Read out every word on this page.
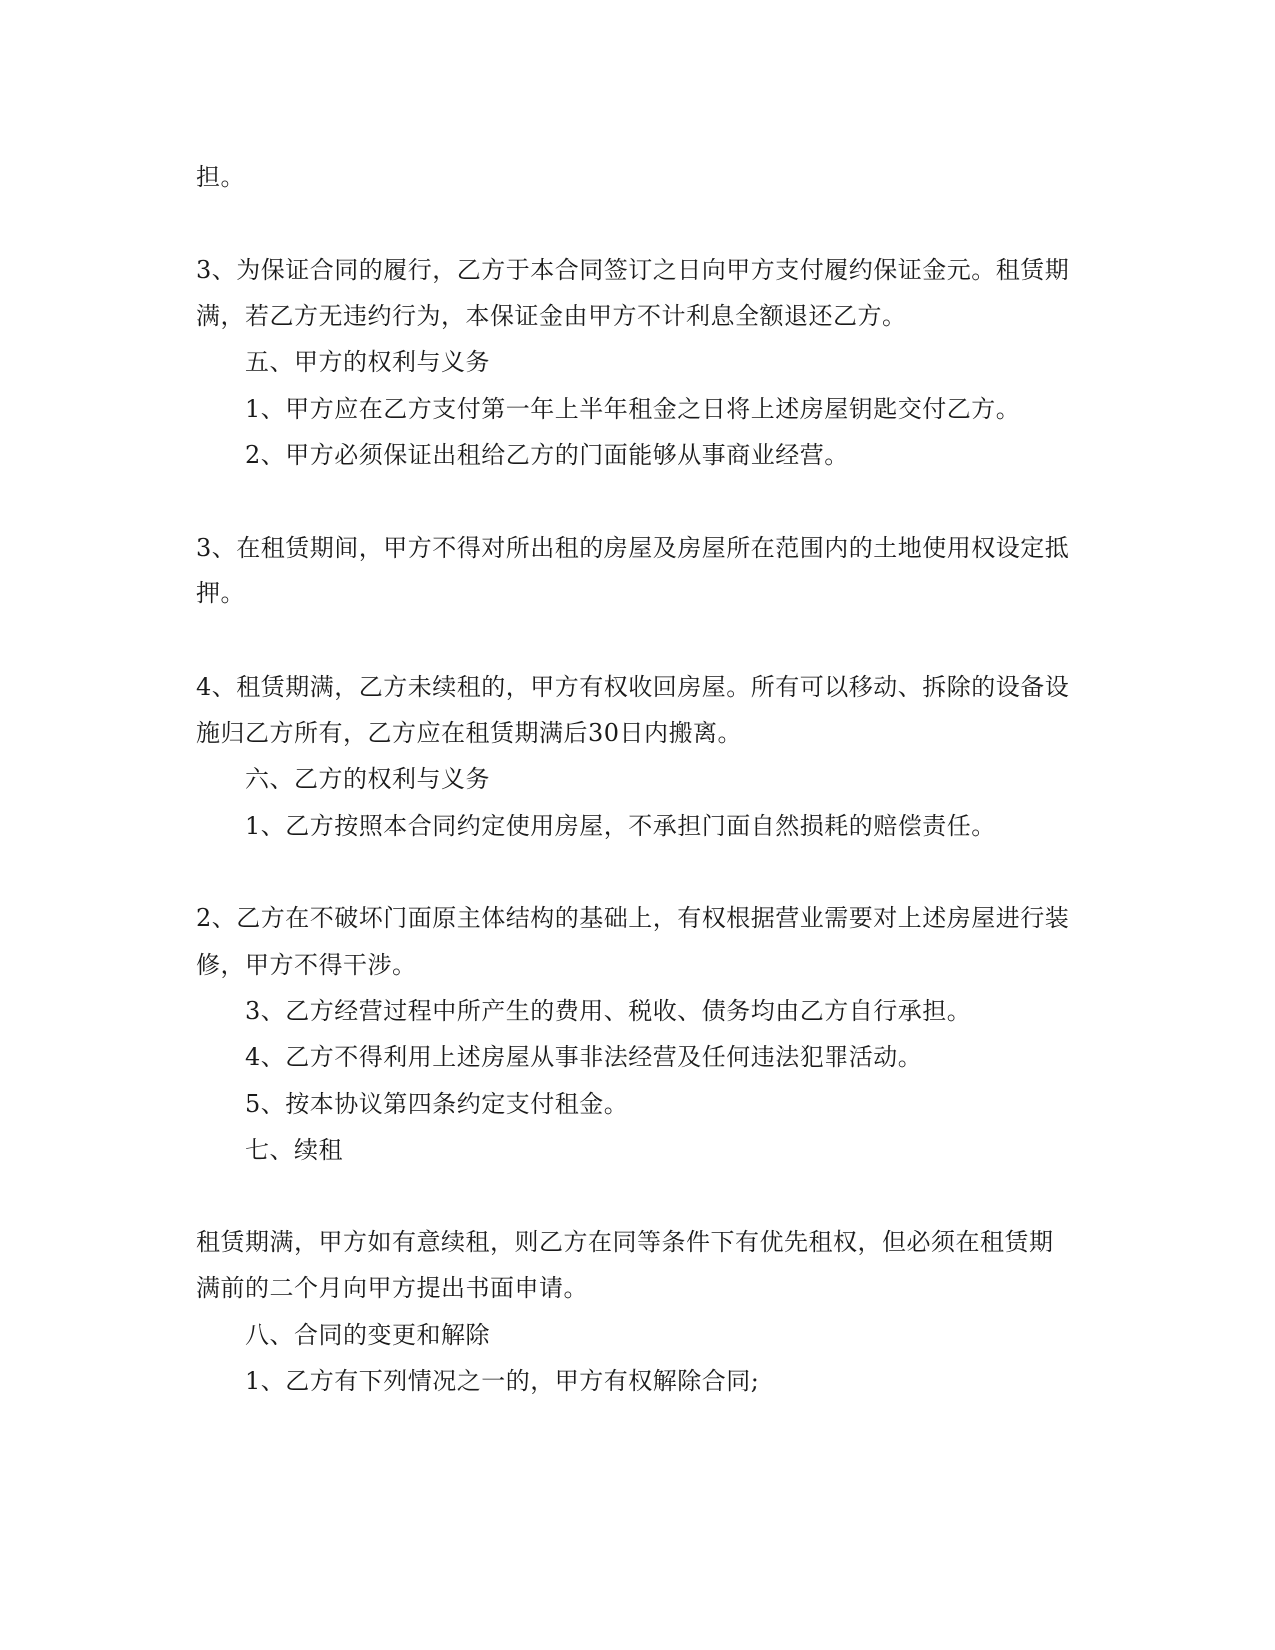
担。
3、为保证合同的履行，乙方于本合同签订之日向甲方支付履约保证金元。租赁期
满，若乙方无违约行为，本保证金由甲方不计利息全额退还乙方。
五、甲方的权利与义务
1、甲方应在乙方支付第一年上半年租金之日将上述房屋钥匙交付乙方。
2、甲方必须保证出租给乙方的门面能够从事商业经营。
3、在租赁期间，甲方不得对所出租的房屋及房屋所在范围内的土地使用权设定抵
押。
4、租赁期满，乙方未续租的，甲方有权收回房屋。所有可以移动、拆除的设备设
施归乙方所有，乙方应在租赁期满后30日内搬离。
六、乙方的权利与义务
1、乙方按照本合同约定使用房屋，不承担门面自然损耗的赔偿责任。
2、乙方在不破坏门面原主体结构的基础上，有权根据营业需要对上述房屋进行装
修，甲方不得干涉。
3、乙方经营过程中所产生的费用、税收、债务均由乙方自行承担。
4、乙方不得利用上述房屋从事非法经营及任何违法犯罪活动。
5、按本协议第四条约定支付租金。
七、续租
租赁期满，甲方如有意续租，则乙方在同等条件下有优先租权，但必须在租赁期
满前的二个月向甲方提出书面申请。
八、合同的变更和解除
1、乙方有下列情况之一的，甲方有权解除合同;
